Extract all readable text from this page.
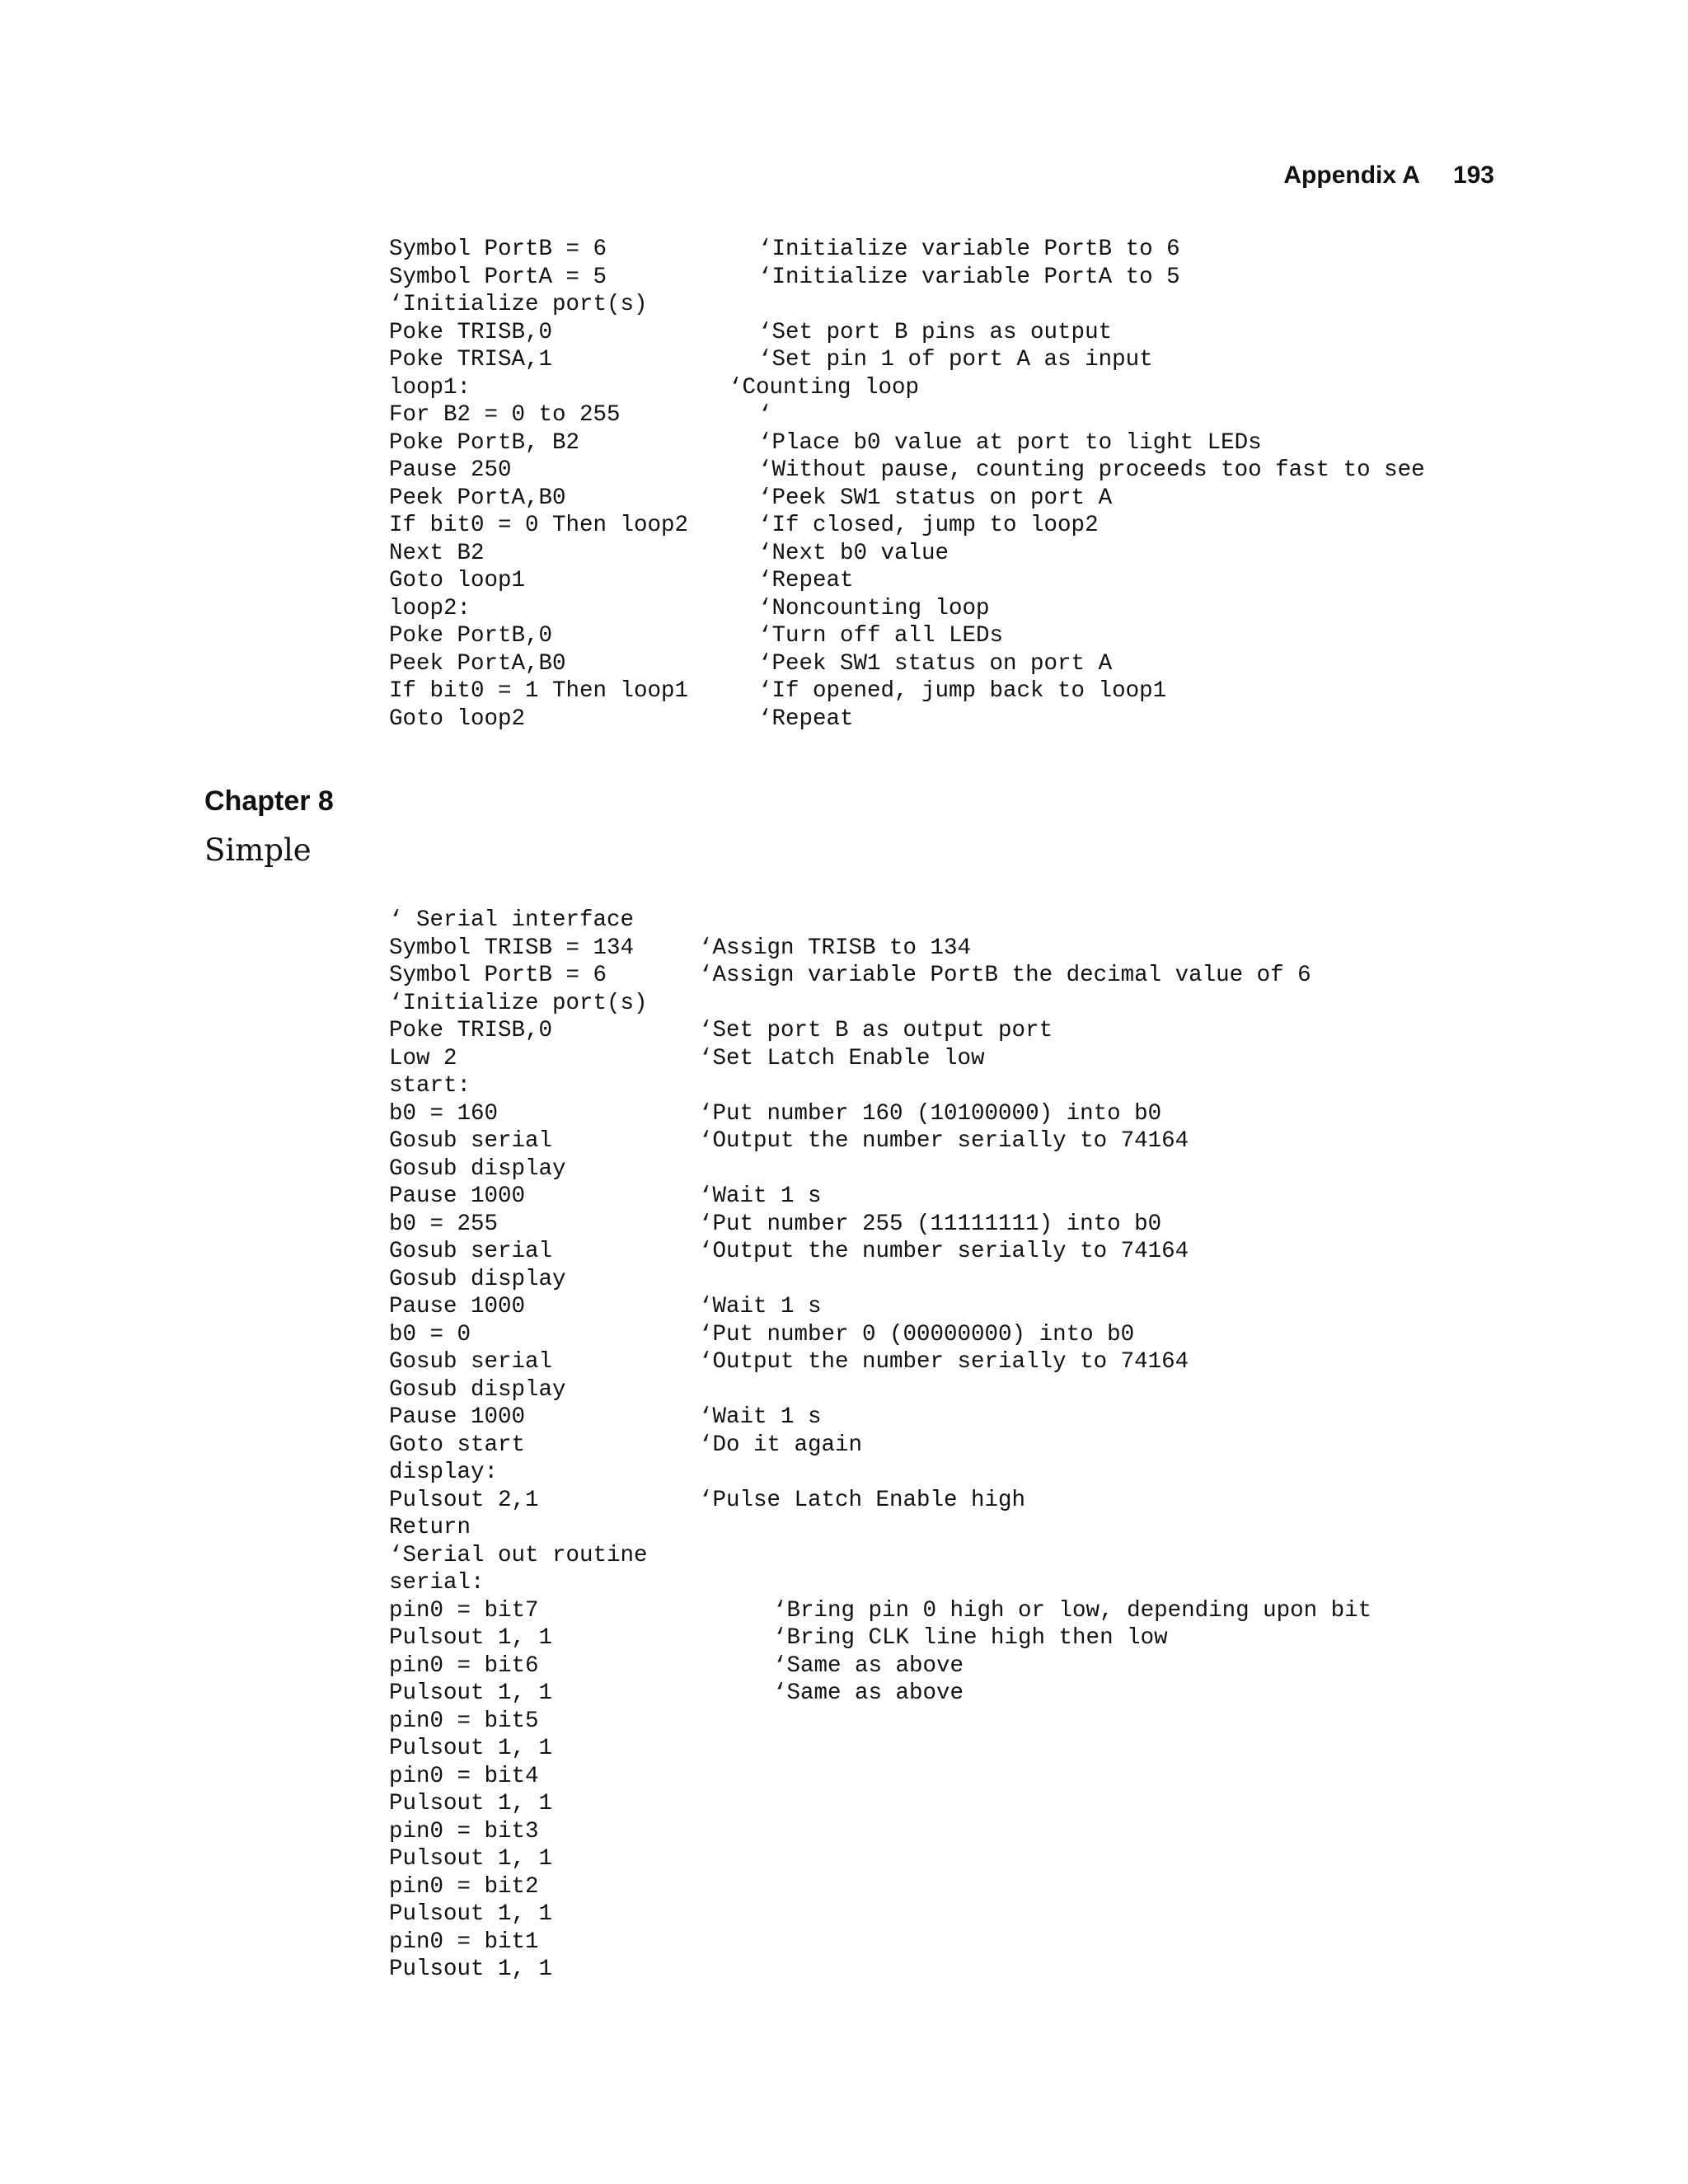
Appendix A 193
Symbol PortB = 6	‘Initialize variable PortB to 6
Symbol PortA = 5	‘Initialize variable PortA to 5
‘Initialize port(s)
Poke TRISB,0	‘Set port B pins as output
Poke TRISA,1	‘Set pin 1 of port A as input
loop1:	‘Counting loop
For B2 = 0 to 255	‘
Poke PortB, B2	‘Place b0 value at port to light LEDs
Pause 250	‘Without pause, counting proceeds too fast to see
Peek PortA,B0	‘Peek SW1 status on port A
If bit0 = 0 Then loop2	‘If closed, jump to loop2
Next B2	‘Next b0 value
Goto loop1	‘Repeat
loop2:	‘Noncounting loop
Poke PortB,0	‘Turn off all LEDs
Peek PortA,B0	‘Peek SW1 status on port A
If bit0 = 1 Then loop1	‘If opened, jump back to loop1
Goto loop2	‘Repeat
Chapter 8
Simple
‘ Serial interface
Symbol TRISB = 134	‘Assign TRISB to 134
Symbol PortB = 6	‘Assign variable PortB the decimal value of 6
‘Initialize port(s)
Poke TRISB,0	‘Set port B as output port
Low 2	‘Set Latch Enable low
start:
b0 = 160	‘Put number 160 (10100000) into b0
Gosub serial	‘Output the number serially to 74164
Gosub display
Pause 1000	‘Wait 1 s
b0 = 255	‘Put number 255 (11111111) into b0
Gosub serial	‘Output the number serially to 74164
Gosub display
Pause 1000	‘Wait 1 s
b0 = 0	‘Put number 0 (00000000) into b0
Gosub serial	‘Output the number serially to 74164
Gosub display
Pause 1000	‘Wait 1 s
Goto start	‘Do it again
display:
Pulsout 2,1	‘Pulse Latch Enable high
Return
‘Serial out routine
serial:
pin0 = bit7	‘Bring pin 0 high or low, depending upon bit
Pulsout 1, 1	‘Bring CLK line high then low
pin0 = bit6	‘Same as above
Pulsout 1, 1	‘Same as above
pin0 = bit5
Pulsout 1, 1
pin0 = bit4
Pulsout 1, 1
pin0 = bit3
Pulsout 1, 1
pin0 = bit2
Pulsout 1, 1
pin0 = bit1
Pulsout 1, 1
